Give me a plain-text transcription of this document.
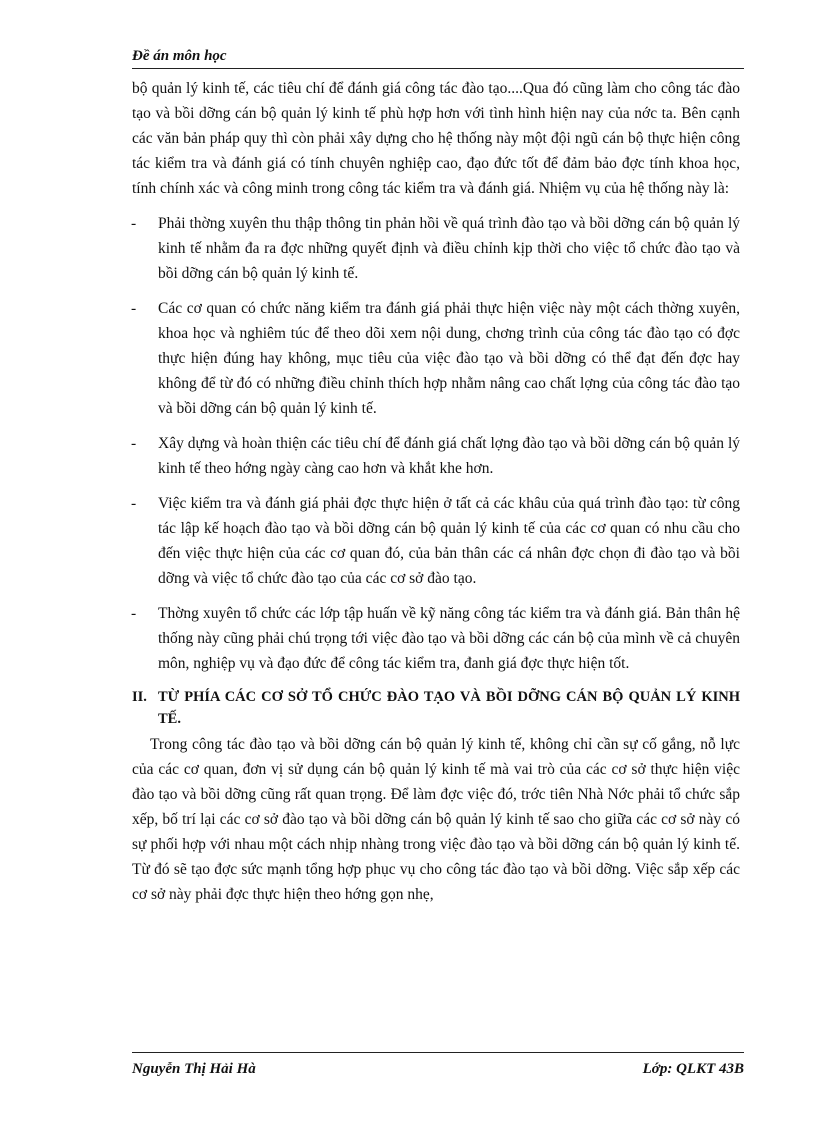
Đề án môn học

bộ quản lý kinh tế, các tiêu chí để đánh giá công tác đào tạo....Qua đó cũng làm cho công tác đào tạo và bồi dỡng cán bộ quản lý kinh tế phù hợp hơn với tình hình hiện nay của nớc ta. Bên cạnh các văn bản pháp quy thì còn phải xây dựng cho hệ thống này một đội ngũ cán bộ thực hiện công tác kiểm tra và đánh giá có tính chuyên nghiệp cao, đạo đức tốt để đảm bảo đợc tính khoa học, tính chính xác và công minh trong công tác kiểm tra và đánh giá. Nhiệm vụ của hệ thống này là:

- Phải thờng xuyên thu thập thông tin phản hồi về quá trình đào tạo và bồi dỡng cán bộ quản lý kinh tế nhằm đa ra đợc những quyết định và điều chỉnh kịp thời cho việc tổ chức đào tạo và bồi dỡng cán bộ quản lý kinh tế.
- Các cơ quan có chức năng kiểm tra đánh giá phải thực hiện việc này một cách thờng xuyên, khoa học và nghiêm túc để theo dõi xem nội dung, chơng trình của công tác đào tạo có đợc thực hiện đúng hay không, mục tiêu của việc đào tạo và bồi dỡng có thể đạt đến đợc hay không để từ đó có những điều chỉnh thích hợp nhằm nâng cao chất lợng của công tác đào tạo và bồi dỡng cán bộ quản lý kinh tế.
- Xây dựng và hoàn thiện các tiêu chí để đánh giá chất lợng đào tạo và bồi dỡng cán bộ quản lý kinh tế theo hớng ngày càng cao hơn và khắt khe hơn.
- Việc kiểm tra và đánh giá phải đợc thực hiện ở tất cả các khâu của quá trình đào tạo: từ công tác lập kế hoạch đào tạo và bồi dỡng cán bộ quản lý kinh tế của các cơ quan có nhu cầu cho đến việc thực hiện của các cơ quan đó, của bản thân các cá nhân đợc chọn đi đào tạo và bồi dỡng và việc tổ chức đào tạo của các cơ sở đào tạo.
- Thờng xuyên tổ chức các lớp tập huấn về kỹ năng công tác kiểm tra và đánh giá. Bản thân hệ thống này cũng phải chú trọng tới việc đào tạo và bồi dỡng các cán bộ của mình về cả chuyên môn, nghiệp vụ và đạo đức để công tác kiểm tra, đanh giá đợc thực hiện tốt.
II. TỪ PHÍA CÁC CƠ SỞ TỔ CHỨC ĐÀO TẠO VÀ BỒI DỠNG CÁN BỘ QUẢN LÝ KINH TẾ.

Trong công tác đào tạo và bồi dỡng cán bộ quản lý kinh tế, không chỉ cần sự cố gắng, nỗ lực của các cơ quan, đơn vị sử dụng cán bộ quản lý kinh tế mà vai trò của các cơ sở thực hiện việc đào tạo và bồi dỡng cũng rất quan trọng. Để làm đợc việc đó, trớc tiên Nhà Nớc phải tổ chức sắp xếp, bố trí lại các cơ sở đào tạo và bồi dỡng cán bộ quản lý kinh tế sao cho giữa các cơ sở này có sự phối hợp với nhau một cách nhịp nhàng trong việc đào tạo và bồi dỡng cán bộ quản lý kinh tế. Từ đó sẽ tạo đợc sức mạnh tổng hợp phục vụ cho công tác đào tạo và bồi dỡng. Việc sắp xếp các cơ sở này phải đợc thực hiện theo hớng gọn nhẹ,

Nguyễn Thị Hải Hà	Lớp: QLKT 43B
